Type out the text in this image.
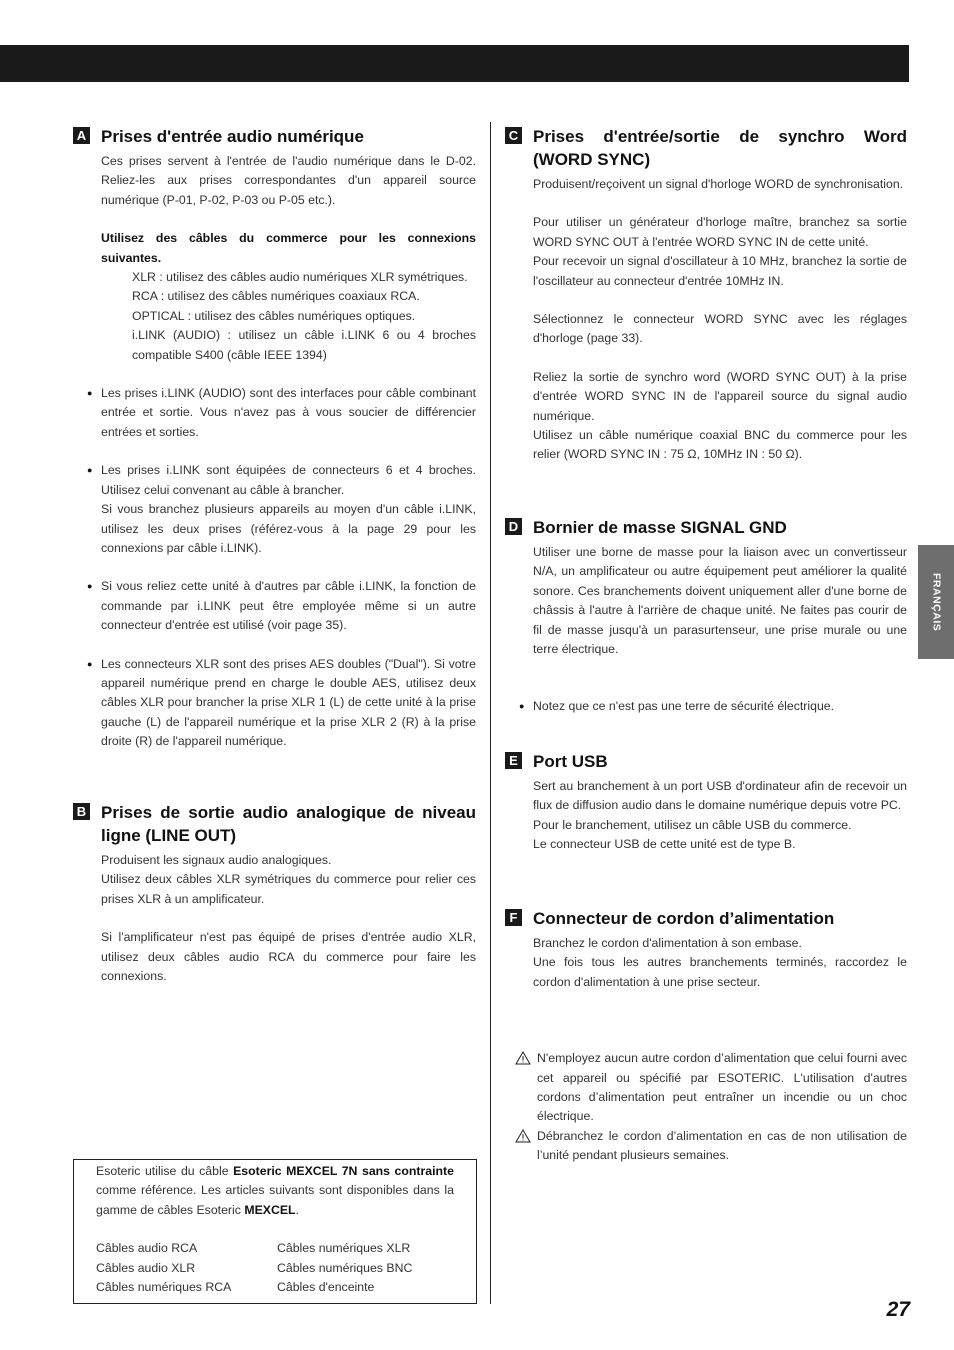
FRANÇAIS
A Prises d'entrée audio numérique

Ces prises servent à l'entrée de l'audio numérique dans le D-02. Reliez-les aux prises correspondantes d'un appareil source numérique (P-01, P-02, P-03 ou P-05 etc.).

Utilisez des câbles du commerce pour les connexions suivantes.

XLR : utilisez des câbles audio numériques XLR symétriques.

RCA : utilisez des câbles numériques coaxiaux RCA.

OPTICAL : utilisez des câbles numériques optiques.

i.LINK (AUDIO) : utilisez un câble i.LINK 6 ou 4 broches compatible S400 (câble IEEE 1394)

● Les prises i.LINK (AUDIO) sont des interfaces pour câble combinant entrée et sortie. Vous n'avez pas à vous soucier de différencier entrées et sorties.

● Les prises i.LINK sont équipées de connecteurs 6 et 4 broches. Utilisez celui convenant au câble à brancher.

Si vous branchez plusieurs appareils au moyen d'un câble i.LINK, utilisez les deux prises (référez-vous à la page 29 pour les connexions par câble i.LINK).

● Si vous reliez cette unité à d'autres par câble i.LINK, la fonction de commande par i.LINK peut être employée même si un autre connecteur d'entrée est utilisé (voir page 35).

● Les connecteurs XLR sont des prises AES doubles ("Dual"). Si votre appareil numérique prend en charge le double AES, utilisez deux câbles XLR pour brancher la prise XLR 1 (L) de cette unité à la prise gauche (L) de l'appareil numérique et la prise XLR 2 (R) à la prise droite (R) de l'appareil numérique.

B Prises de sortie audio analogique de niveau ligne (LINE OUT)

Produisent les signaux audio analogiques.

Utilisez deux câbles XLR symétriques du commerce pour relier ces prises XLR à un amplificateur.

Si l'amplificateur n'est pas équipé de prises d'entrée audio XLR, utilisez deux câbles audio RCA du commerce pour faire les connexions.

Esoteric utilise du câble Esoteric MEXCEL 7N sans contrainte comme référence. Les articles suivants sont disponibles dans la gamme de câbles Esoteric MEXCEL.

Câbles audio RCA	Câbles numériques XLR
Câbles audio XLR	Câbles numériques BNC
Câbles numériques RCA	Câbles d'enceinte
C Prises d'entrée/sortie de synchro Word (WORD SYNC)

Produisent/reçoivent un signal d'horloge WORD de synchronisation.

Pour utiliser un générateur d'horloge maître, branchez sa sortie WORD SYNC OUT à l'entrée WORD SYNC IN de cette unité.

Pour recevoir un signal d'oscillateur à 10 MHz, branchez la sortie de l'oscillateur au connecteur d'entrée 10MHz IN.

Sélectionnez le connecteur WORD SYNC avec les réglages d'horloge (page 33).

Reliez la sortie de synchro word (WORD SYNC OUT) à la prise d'entrée WORD SYNC IN de l'appareil source du signal audio numérique.

Utilisez un câble numérique coaxial BNC du commerce pour les relier (WORD SYNC IN : 75 Ω, 10MHz IN : 50 Ω).

D Bornier de masse SIGNAL GND

Utiliser une borne de masse pour la liaison avec un convertisseur N/A, un amplificateur ou autre équipement peut améliorer la qualité sonore. Ces branchements doivent uniquement aller d'une borne de châssis à l'autre à l'arrière de chaque unité. Ne faites pas courir de fil de masse jusqu'à un parasurtenseur, une prise murale ou une terre électrique.

● Notez que ce n'est pas une terre de sécurité électrique.

E Port USB

Sert au branchement à un port USB d'ordinateur afin de recevoir un flux de diffusion audio dans le domaine numérique depuis votre PC.

Pour le branchement, utilisez un câble USB du commerce.

Le connecteur USB de cette unité est de type B.

F Connecteur de cordon d’alimentation

Branchez le cordon d'alimentation à son embase.

Une fois tous les autres branchements terminés, raccordez le cordon d'alimentation à une prise secteur.

N'employez aucun autre cordon d’alimentation que celui fourni avec cet appareil ou spécifié par ESOTERIC. L'utilisation d'autres cordons d’alimentation peut entraîner un incendie ou un choc électrique.

Débranchez le cordon d’alimentation en cas de non utilisation de l’unité pendant plusieurs semaines.

27
